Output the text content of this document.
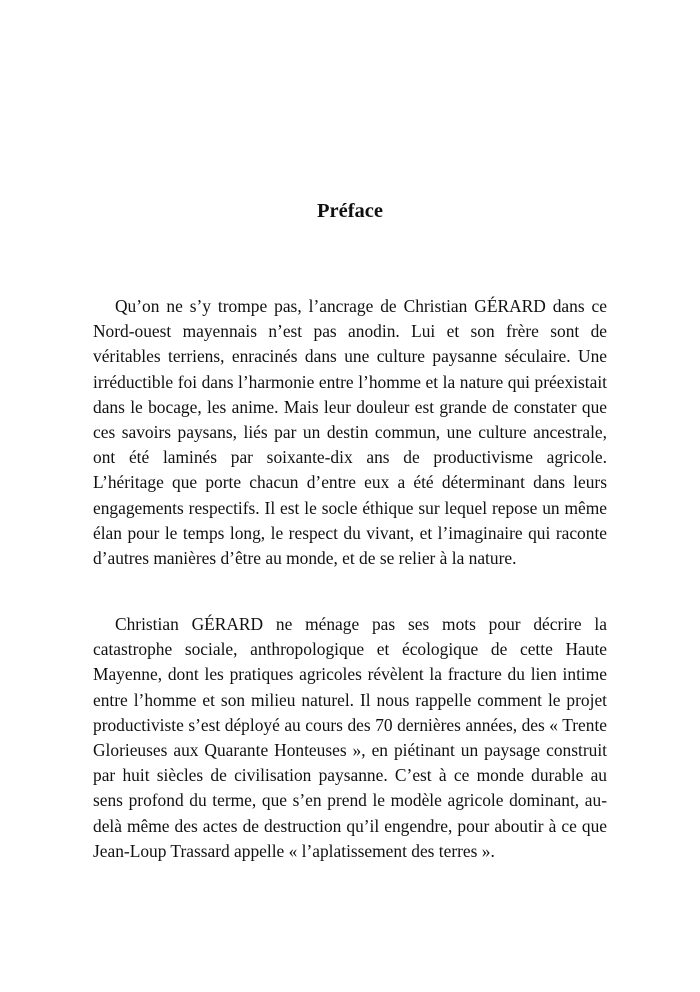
Préface

Qu’on ne s’y trompe pas, l’ancrage de Christian GÉRARD dans ce Nord-ouest mayennais n’est pas anodin. Lui et son frère sont de véritables terriens, enracinés dans une culture paysanne séculaire. Une irréductible foi dans l’harmonie entre l’homme et la nature qui préexistait dans le bocage, les anime. Mais leur douleur est grande de constater que ces savoirs paysans, liés par un destin commun, une culture ancestrale, ont été laminés par soixante-dix ans de productivisme agricole. L’héritage que porte chacun d’entre eux a été déterminant dans leurs engagements respectifs. Il est le socle éthique sur lequel repose un même élan pour le temps long, le respect du vivant, et l’imaginaire qui raconte d’autres manières d’être au monde, et de se relier à la nature.

Christian GÉRARD ne ménage pas ses mots pour décrire la catastrophe sociale, anthropologique et écologique de cette Haute Mayenne, dont les pratiques agricoles révèlent la fracture du lien intime entre l’homme et son milieu naturel. Il nous rappelle comment le projet productiviste s’est déployé au cours des 70 dernières années, des « Trente Glorieuses aux Quarante Honteuses », en piétinant un paysage construit par huit siècles de civilisation paysanne. C’est à ce monde durable au sens profond du terme, que s’en prend le modèle agricole dominant, au-delà même des actes de destruction qu’il engendre, pour aboutir à ce que Jean-Loup Trassard appelle « l’aplatissement des terres ».
